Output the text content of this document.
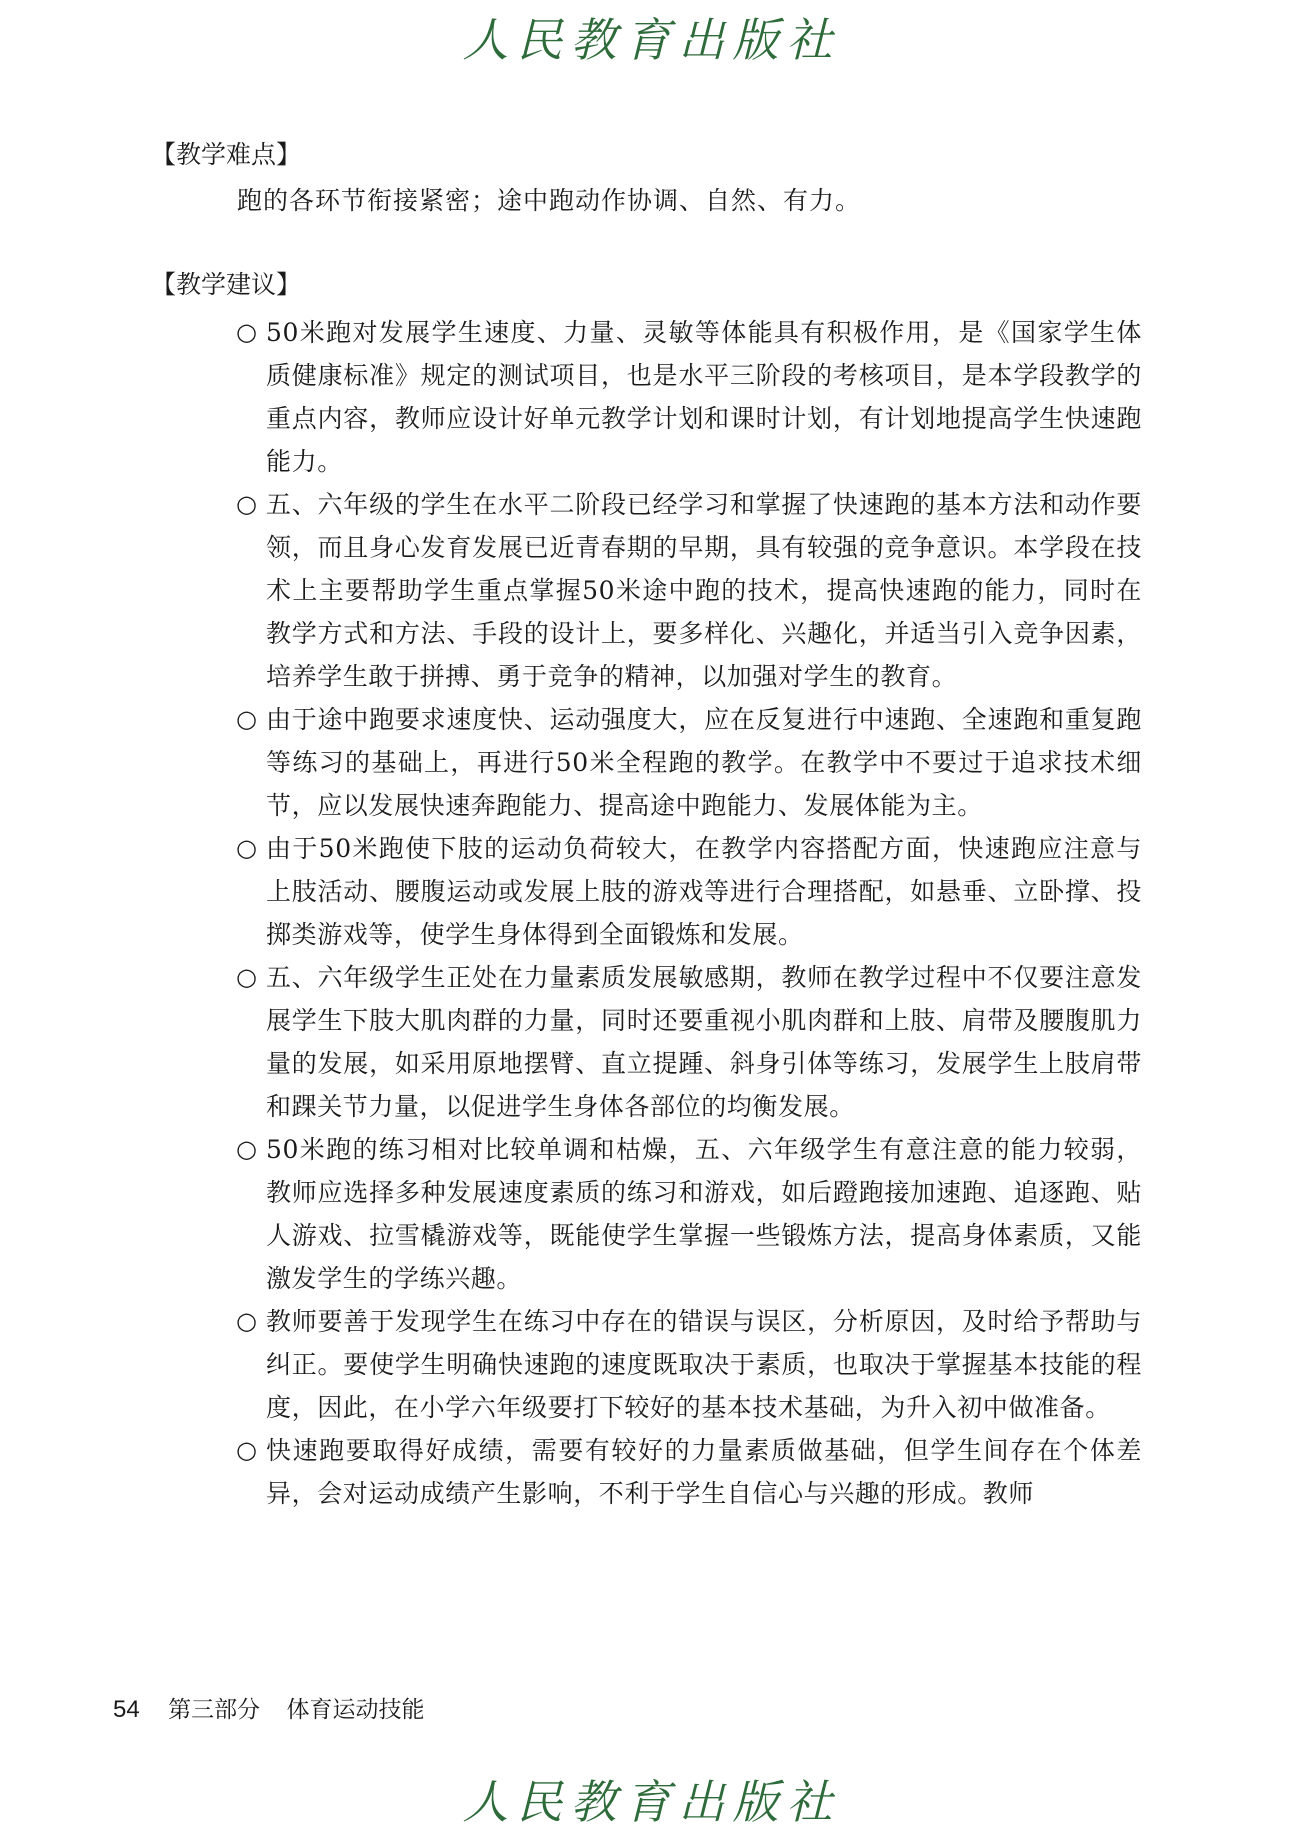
人民教育出版社
【教学难点】
跑的各环节衔接紧密；途中跑动作协调、自然、有力。
【教学建议】
○ 50米跑对发展学生速度、力量、灵敏等体能具有积极作用，是《国家学生体质健康标准》规定的测试项目，也是水平三阶段的考核项目，是本学段教学的重点内容，教师应设计好单元教学计划和课时计划，有计划地提高学生快速跑能力。
○ 五、六年级的学生在水平二阶段已经学习和掌握了快速跑的基本方法和动作要领，而且身心发育发展已近青春期的早期，具有较强的竞争意识。本学段在技术上主要帮助学生重点掌握50米途中跑的技术，提高快速跑的能力，同时在教学方式和方法、手段的设计上，要多样化、兴趣化，并适当引入竞争因素，培养学生敢于拼搏、勇于竞争的精神，以加强对学生的教育。
○ 由于途中跑要求速度快、运动强度大，应在反复进行中速跑、全速跑和重复跑等练习的基础上，再进行50米全程跑的教学。在教学中不要过于追求技术细节，应以发展快速奔跑能力、提高途中跑能力、发展体能为主。
○ 由于50米跑使下肢的运动负荷较大，在教学内容搭配方面，快速跑应注意与上肢活动、腰腹运动或发展上肢的游戏等进行合理搭配，如悬垂、立卧撑、投掷类游戏等，使学生身体得到全面锻炼和发展。
○ 五、六年级学生正处在力量素质发展敏感期，教师在教学过程中不仅要注意发展学生下肢大肌肉群的力量，同时还要重视小肌肉群和上肢、肩带及腰腹肌力量的发展，如采用原地摆臂、直立提踵、斜身引体等练习，发展学生上肢肩带和踝关节力量，以促进学生身体各部位的均衡发展。
○ 50米跑的练习相对比较单调和枯燥，五、六年级学生有意注意的能力较弱，教师应选择多种发展速度素质的练习和游戏，如后蹬跑接加速跑、追逐跑、贴人游戏、拉雪橇游戏等，既能使学生掌握一些锻炼方法，提高身体素质，又能激发学生的学练兴趣。
○ 教师要善于发现学生在练习中存在的错误与误区，分析原因，及时给予帮助与纠正。要使学生明确快速跑的速度既取决于素质，也取决于掌握基本技能的程度，因此，在小学六年级要打下较好的基本技术基础，为升入初中做准备。
○ 快速跑要取得好成绩，需要有较好的力量素质做基础，但学生间存在个体差异，会对运动成绩产生影响，不利于学生自信心与兴趣的形成。教师
54 第三部分 体育运动技能
人民教育出版社
